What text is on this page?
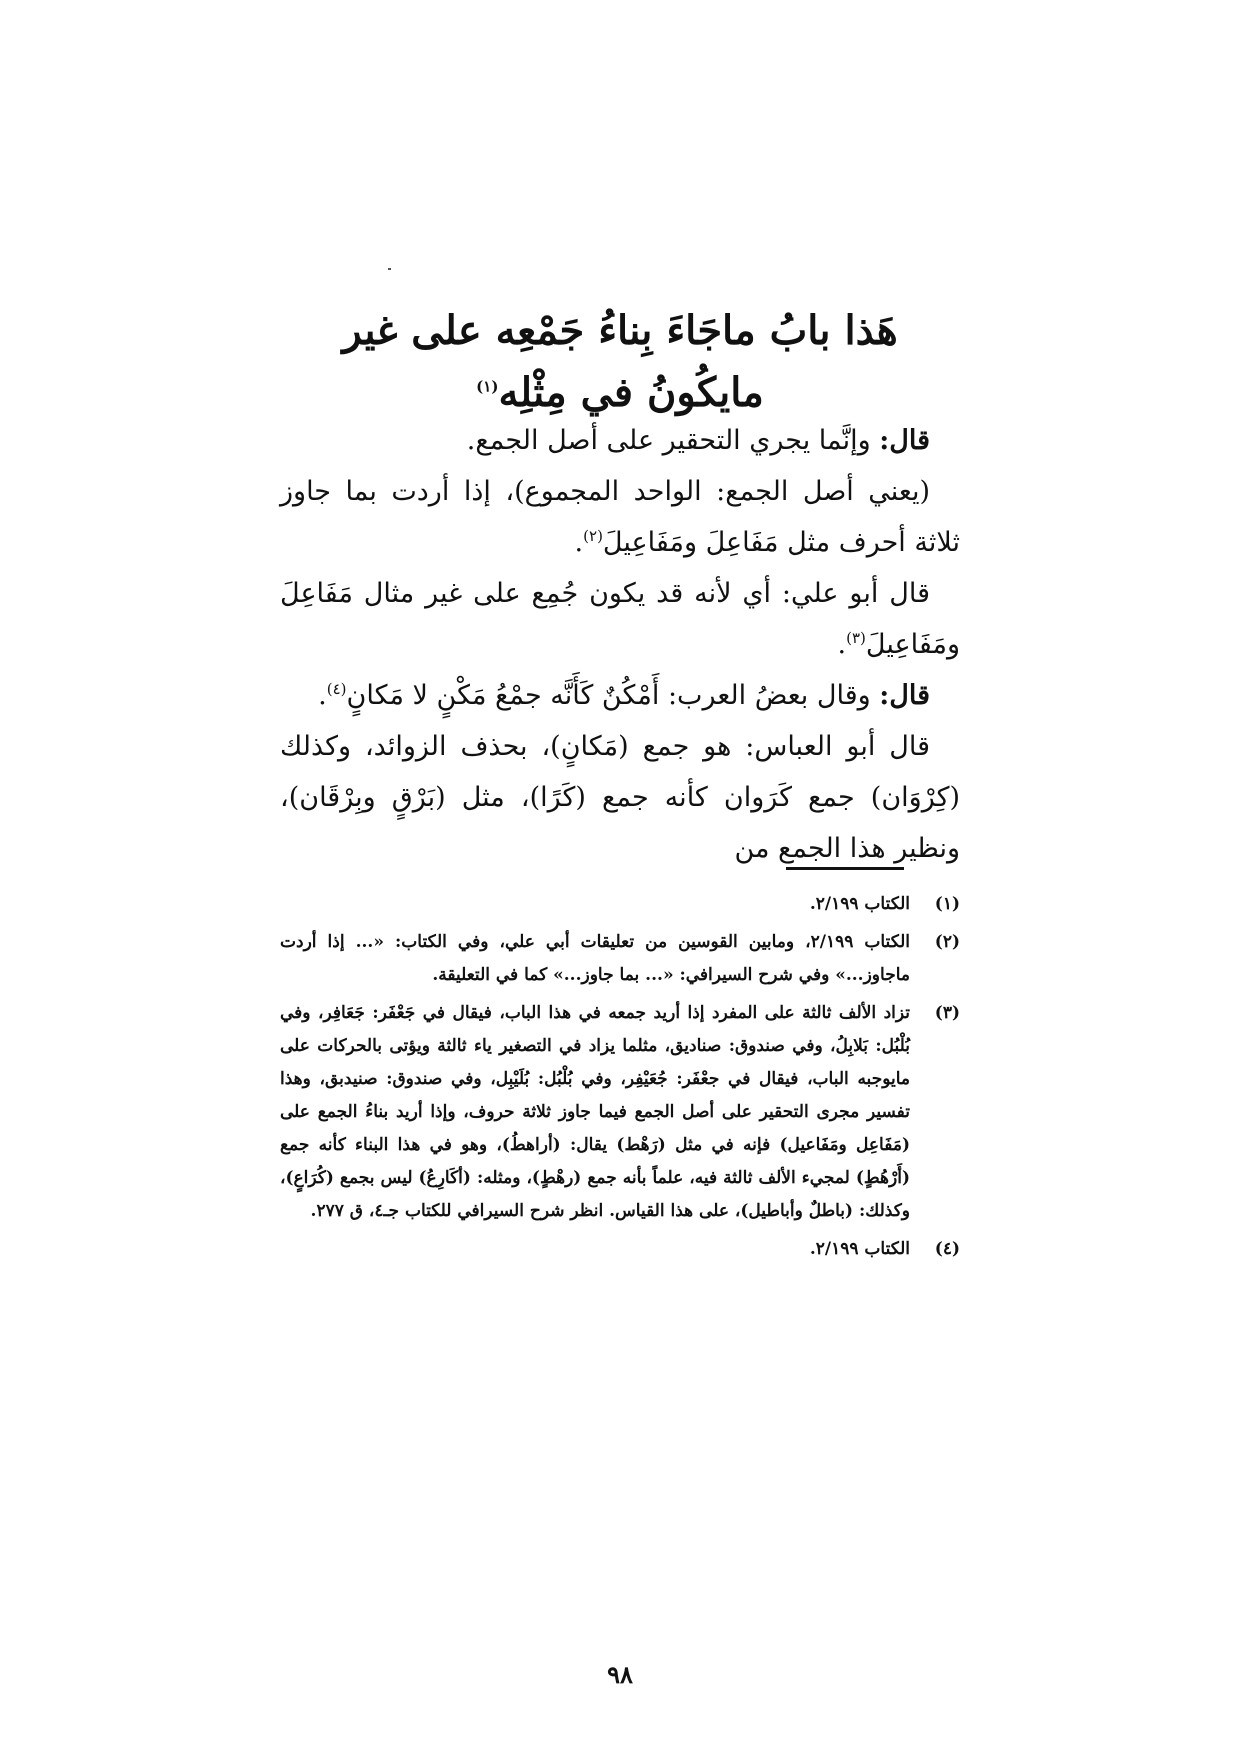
هَذا بابُ ماجَاءَ بِناءُ جَمْعِه على غير
مايكُونُ في مِثْلِه$^{(١)}$

قال: وإنَّما يجري التحقير على أصل الجمع.

(يعني أصل الجمع: الواحد المجموع)، إذا أردت بما جاوز ثلاثة أحرف مثل مَفَاعِلَ ومَفَاعِيلَ$^{(٢)}$.

قال أبو علي: أي لأنه قد يكون جُمِع على غير مثال مَفَاعِلَ ومَفَاعِيلَ$^{(٣)}$.

قال: وقال بعضُ العرب: أَمْكُنٌ كَأَنَّه جمْعُ مَكْنٍ لا مَكانٍ$^{(٤)}$.

قال أبو العباس: هو جمع (مَكانٍ)، بحذف الزوائد، وكذلك (كِرْوَان) جمع كَرَوان كأنه جمع (كَرًا)، مثل (بَرْقٍ وبِرْقَان)، ونظير هذا الجمع من

(١)
الكتاب ٢/١٩٩.
(٢)
الكتاب ٢/١٩٩، ومابين القوسين من تعليقات أبي علي، وفي الكتاب: «... إذا أردت ماجاوز...» وفي شرح السيرافي: «... بما جاوز...» كما في التعليقة.
(٣)
تزاد الألف ثالثة على المفرد إذا أريد جمعه في هذا الباب، فيقال في جَعْفَر: جَعَافِر، وفي بُلْبُل: بَلابِلُ، وفي صندوق: صناديق، مثلما يزاد في التصغير ياء ثالثة ويؤتى بالحركات على مايوجبه الباب، فيقال في جعْفَر: جُعَيْفِر، وفي بُلْبُل: بُلَيْبِل، وفي صندوق: صنيدبق، وهذا تفسير مجرى التحقير على أصل الجمع فيما جاوز ثلاثة حروف، وإذا أريد بناءُ الجمع على (مَفَاعِل ومَفَاعيل) فإنه في مثل (رَهْط) يقال: (أراهطُ)، وهو في هذا البناء كأنه جمع (أَرْهُطٍ) لمجيء الألف ثالثة فيه، علماً بأنه جمع (رهْطٍ)، ومثله: (أكَارِعُ) ليس بجمع (كُرَاعٍ)، وكذلك: (باطلٌ وأباطيل)، على هذا القياس. انظر شرح السيرافي للكتاب جـ٤، ق ٢٧٧.
(٤)
الكتاب ٢/١٩٩.
٩٨
